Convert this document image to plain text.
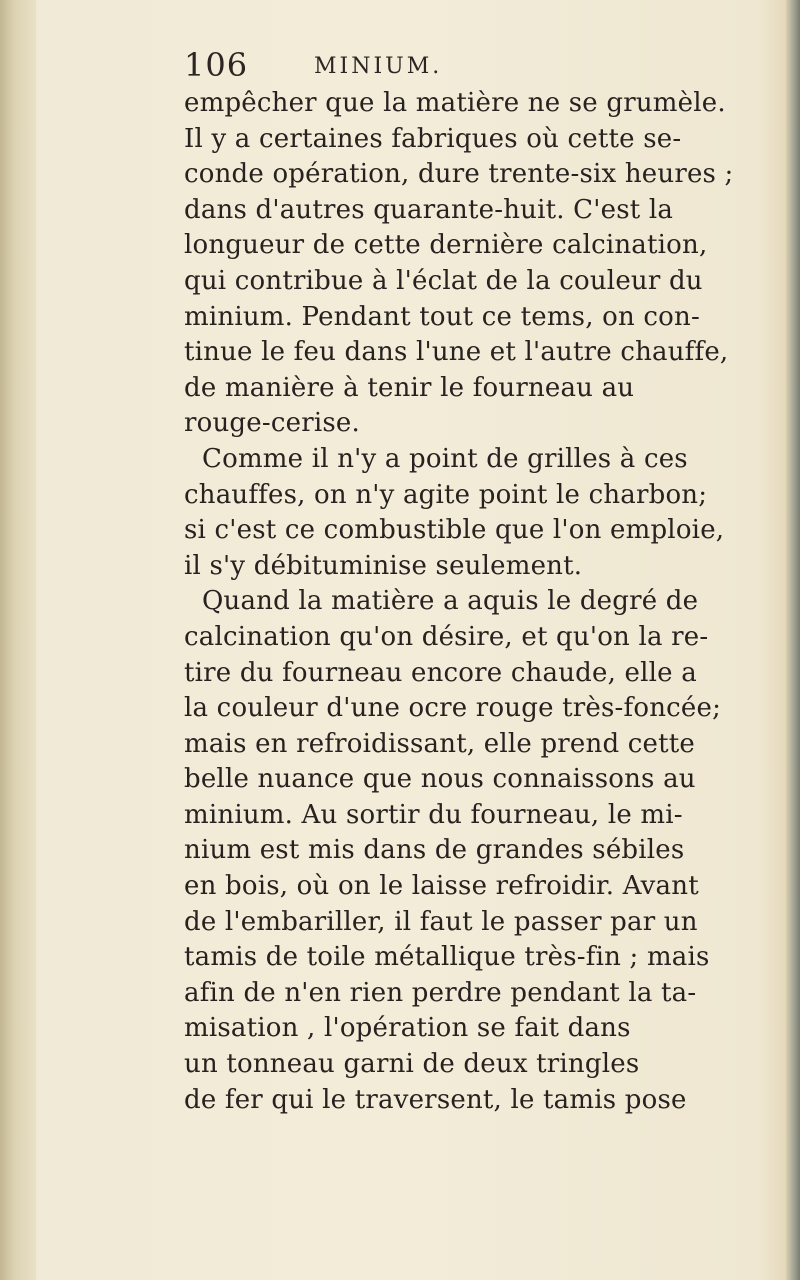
106	MINIUM.
empêcher que la matière ne se grumèle.
Il y a certaines fabriques où cette se-
conde opération, dure trente-six heures ;
dans d'autres quarante-huit. C'est la
longueur de cette dernière calcination,
qui contribue à l'éclat de la couleur du
minium. Pendant tout ce tems, on con-
tinue le feu dans l'une et l'autre chauffe,
de manière à tenir le fourneau au
rouge-cerise.
Comme il n'y a point de grilles à ces
chauffes, on n'y agite point le charbon;
si c'est ce combustible que l'on emploie,
il s'y débituminise seulement.
Quand la matière a aquis le degré de
calcination qu'on désire, et qu'on la re-
tire du fourneau encore chaude, elle a
la couleur d'une ocre rouge très-foncée;
mais en refroidissant, elle prend cette
belle nuance que nous connaissons au
minium. Au sortir du fourneau, le mi-
nium est mis dans de grandes sébiles
en bois, où on le laisse refroidir. Avant
de l'embariller, il faut le passer par un
tamis de toile métallique très-fin ; mais
afin de n'en rien perdre pendant la ta-
misation , l'opération se fait dans
un tonneau garni de deux tringles
de fer qui le traversent, le tamis pose
